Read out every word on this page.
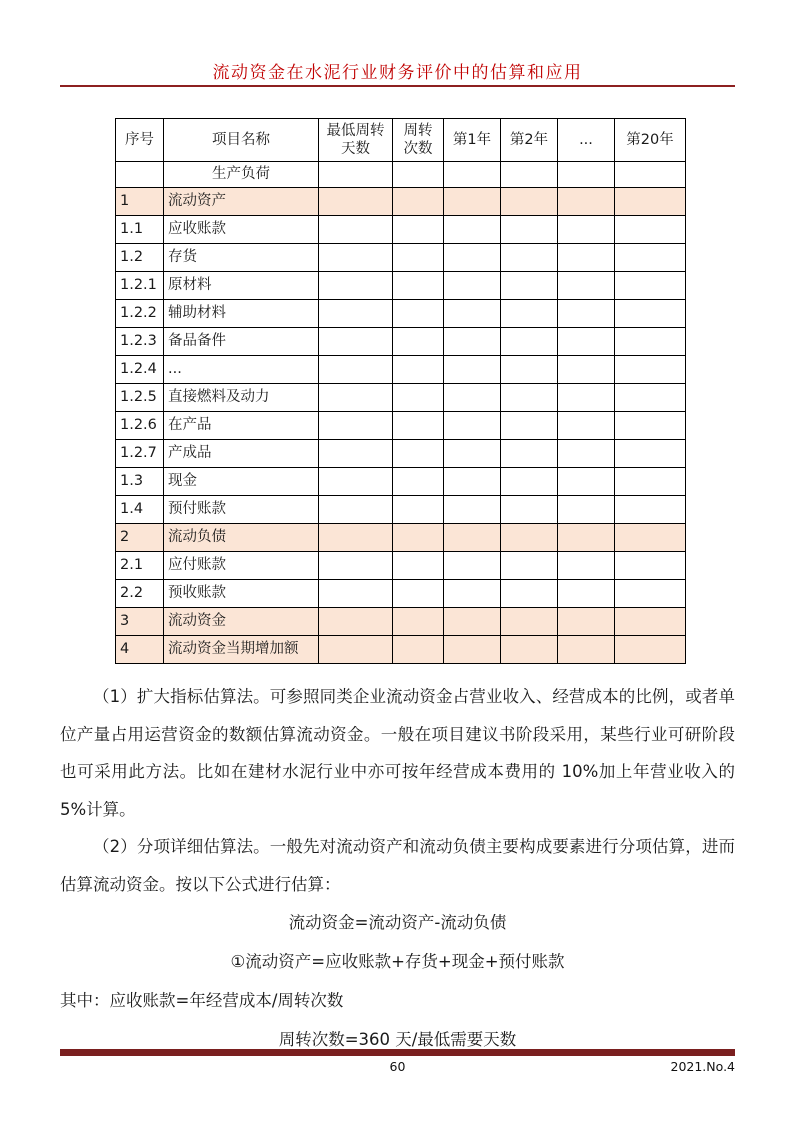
流动资金在水泥行业财务评价中的估算和应用
序号	项目名称	最低周转天数	周转次数	第1年	第2年	...	第20年
	生产负荷						
1	流动资产						
1.1	应收账款						
1.2	存货						
1.2.1	原材料						
1.2.2	辅助材料						
1.2.3	备品备件						
1.2.4	...						
1.2.5	直接燃料及动力						
1.2.6	在产品						
1.2.7	产成品						
1.3	现金						
1.4	预付账款						
2	流动负债						
2.1	应付账款						
2.2	预收账款						
3	流动资金						
4	流动资金当期增加额						

（1）扩大指标估算法。可参照同类企业流动资金占营业收入、经营成本的比例，或者单位产量占用运营资金的数额估算流动资金。一般在项目建议书阶段采用，某些行业可研阶段也可采用此方法。比如在建材水泥行业中亦可按年经营成本费用的 10%加上年营业收入的 5%计算。

（2）分项详细估算法。一般先对流动资产和流动负债主要构成要素进行分项估算，进而估算流动资金。按以下公式进行估算：

流动资金=流动资产-流动负债
①流动资产=应收账款+存货+现金+预付账款
其中：应收账款=年经营成本/周转次数
周转次数=360 天/最低需要天数
60	2021.No.4
